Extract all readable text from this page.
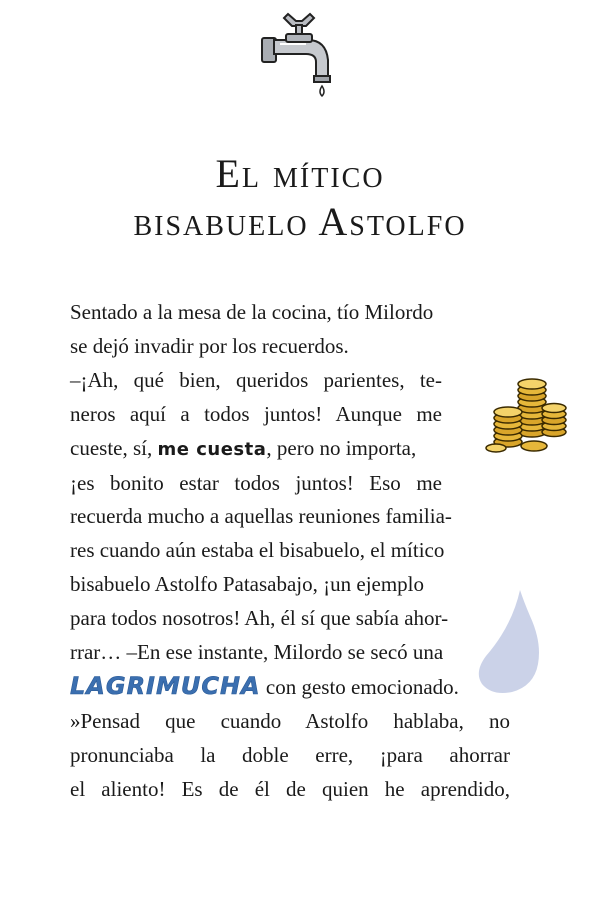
El mítico
bisabuelo Astolfo
Sentado a la mesa de la cocina, tío Milordo
se dejó invadir por los recuerdos.
–¡Ah, qué bien, queridos parientes, te-
neros aquí a todos juntos! Aunque me
cueste, sí, me cuesta, pero no importa,
¡es bonito estar todos juntos! Eso me
recuerda mucho a aquellas reuniones familia-
res cuando aún estaba el bisabuelo, el mítico
bisabuelo Astolfo Patasabajo, ¡un ejemplo
para todos nosotros! Ah, él sí que sabía ahor-
rrar… –En ese instante, Milordo se secó una
LAGRIMUCHA con gesto emocionado.
»Pensad que cuando Astolfo hablaba, no
pronunciaba la doble erre, ¡para ahorrar
el aliento! Es de él de quien he aprendido,
